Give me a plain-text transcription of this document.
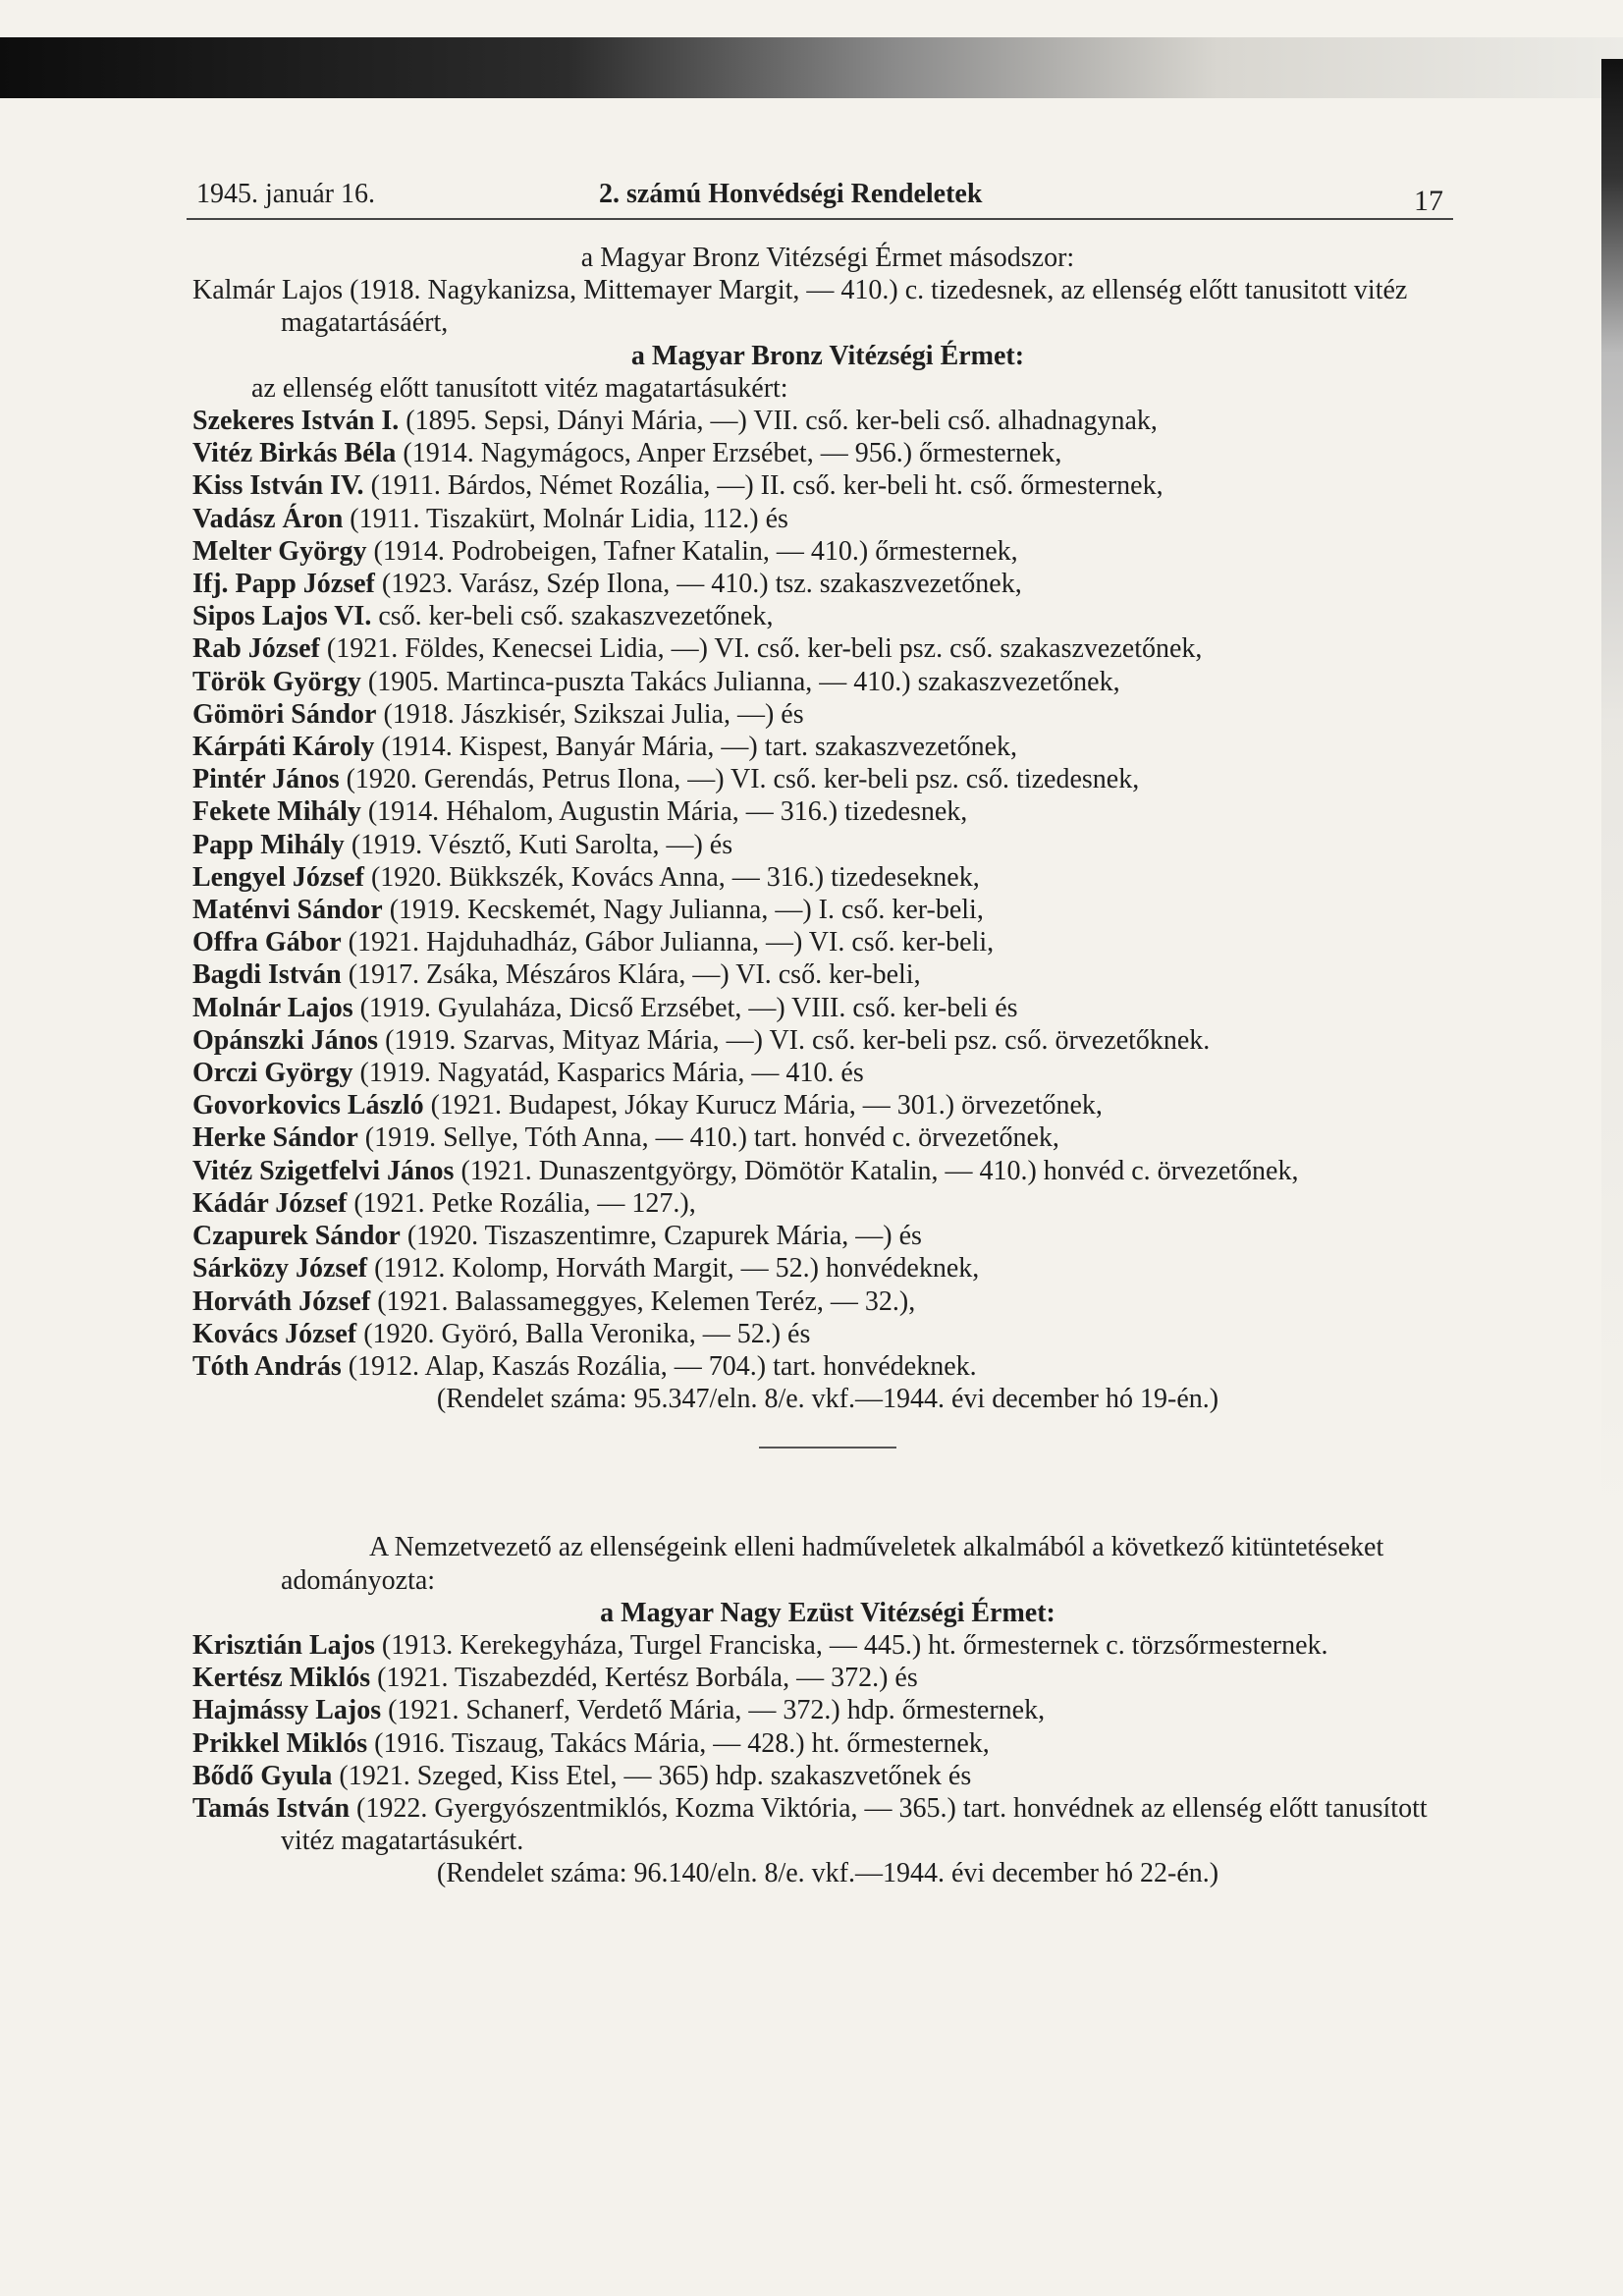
1945. január 16.	2. számú Honvédségi Rendeletek	17

a Magyar Bronz Vitézségi Érmet másodszor:

Kalmár Lajos (1918. Nagykanizsa, Mittemayer Margit, — 410.) c. tizedesnek, az ellenség előtt tanusitott vitéz magatartásáért,

a Magyar Bronz Vitézségi Érmet:

az ellenség előtt tanusított vitéz magatartásukért:

Szekeres István I. (1895. Sepsi, Dányi Mária, —) VII. cső. ker-beli cső. alhadnagynak,

Vitéz Birkás Béla (1914. Nagymágocs, Anper Erzsébet, — 956.) őrmesternek,

Kiss István IV. (1911. Bárdos, Német Rozália, —) II. cső. ker-beli ht. cső. őrmesternek,

Vadász Áron (1911. Tiszakürt, Molnár Lidia, 112.) és

Melter György (1914. Podrobeigen, Tafner Katalin, — 410.) őrmesternek,

Ifj. Papp József (1923. Varász, Szép Ilona, — 410.) tsz. szakaszvezetőnek,

Sipos Lajos VI. cső. ker-beli cső. szakaszvezetőnek,

Rab József (1921. Földes, Kenecsei Lidia, —) VI. cső. ker-beli psz. cső. szakaszvezetőnek,

Török György (1905. Martinca-puszta Takács Julianna, — 410.) szakaszvezetőnek,

Gömöri Sándor (1918. Jászkisér, Szikszai Julia, —) és

Kárpáti Károly (1914. Kispest, Banyár Mária, —) tart. szakaszvezetőnek,

Pintér János (1920. Gerendás, Petrus Ilona, —) VI. cső. ker-beli psz. cső. tizedesnek,

Fekete Mihály (1914. Héhalom, Augustin Mária, — 316.) tizedesnek,

Papp Mihály (1919. Vésztő, Kuti Sarolta, —) és

Lengyel József (1920. Bükkszék, Kovács Anna, — 316.) tizedeseknek,

Maténvi Sándor (1919. Kecskemét, Nagy Julianna, —) I. cső. ker-beli,

Offra Gábor (1921. Hajduhadház, Gábor Julianna, —) VI. cső. ker-beli,

Bagdi István (1917. Zsáka, Mészáros Klára, —) VI. cső. ker-beli,

Molnár Lajos (1919. Gyulaháza, Dicső Erzsébet, —) VIII. cső. ker-beli és

Opánszki János (1919. Szarvas, Mityaz Mária, —) VI. cső. ker-beli psz. cső. örvezetőknek.

Orczi György (1919. Nagyatád, Kasparics Mária, — 410. és

Govorkovics László (1921. Budapest, Jókay Kurucz Mária, — 301.) örvezetőnek,

Herke Sándor (1919. Sellye, Tóth Anna, — 410.) tart. honvéd c. örvezetőnek,

Vitéz Szigetfelvi János (1921. Dunaszentgyörgy, Dömötör Katalin, — 410.) honvéd c. örvezetőnek,

Kádár József (1921. Petke Rozália, — 127.),

Czapurek Sándor (1920. Tiszaszentimre, Czapurek Mária, —) és

Sárközy József (1912. Kolomp, Horváth Margit, — 52.) honvédeknek,

Horváth József (1921. Balassameggyes, Kelemen Teréz, — 32.),

Kovács József (1920. Györó, Balla Veronika, — 52.) és

Tóth András (1912. Alap, Kaszás Rozália, — 704.) tart. honvédeknek.

(Rendelet száma: 95.347/eln. 8/e. vkf.—1944. évi december hó 19-én.)

A Nemzetvezető az ellenségeink elleni hadműveletek alkalmából a következő kitüntetéseket adományozta:

a Magyar Nagy Ezüst Vitézségi Érmet:

Krisztián Lajos (1913. Kerekegyháza, Turgel Franciska, — 445.) ht. őrmesternek c. törzsőrmesternek.

Kertész Miklós (1921. Tiszabezdéd, Kertész Borbála, — 372.) és

Hajmássy Lajos (1921. Schanerf, Verdető Mária, — 372.) hdp. őrmesternek,

Prikkel Miklós (1916. Tiszaug, Takács Mária, — 428.) ht. őrmesternek,

Bődő Gyula (1921. Szeged, Kiss Etel, — 365) hdp. szakaszvetőnek és

Tamás István (1922. Gyergyószentmiklós, Kozma Viktória, — 365.) tart. honvédnek az ellenség előtt tanusított vitéz magatartásukért.

(Rendelet száma: 96.140/eln. 8/e. vkf.—1944. évi december hó 22-én.)
